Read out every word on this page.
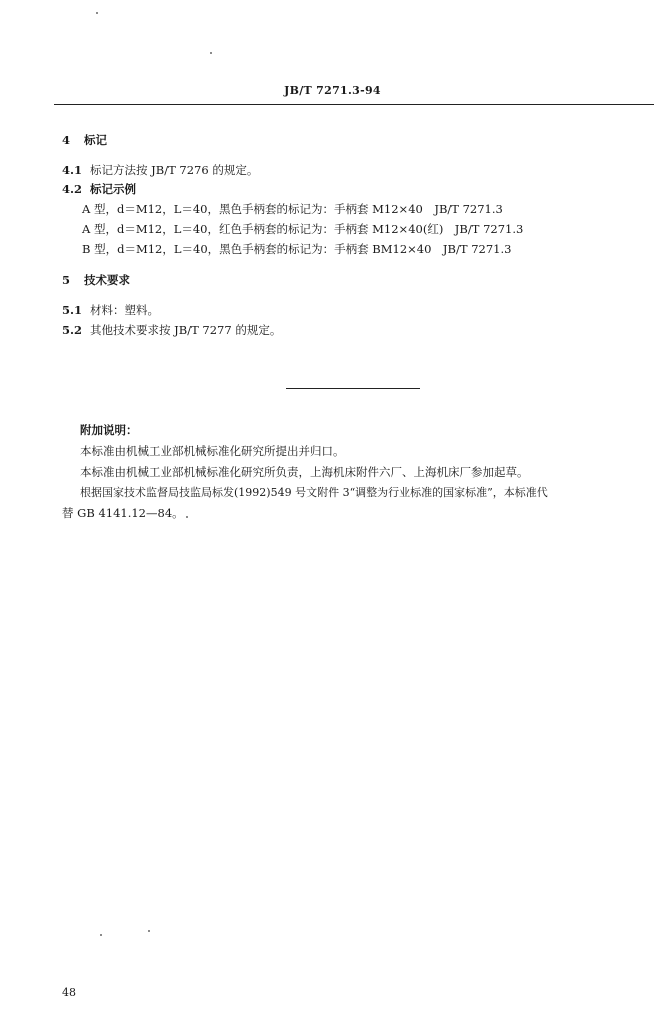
JB/T 7271.3-94
4 标记
4.1 标记方法按 JB/T 7276 的规定。
4.2 标记示例
A 型，d＝M12，L＝40，黑色手柄套的标记为：手柄套 M12×40　JB/T 7271.3
A 型，d＝M12，L＝40，红色手柄套的标记为：手柄套 M12×40(红)　JB/T 7271.3
B 型，d＝M12，L＝40，黑色手柄套的标记为：手柄套 BM12×40　JB/T 7271.3
5 技术要求
5.1 材料：塑料。
5.2 其他技术要求按 JB/T 7277 的规定。
附加说明：
本标准由机械工业部机械标准化研究所提出并归口。
本标准由机械工业部机械标准化研究所负责，上海机床附件六厂、上海机床厂参加起草。
根据国家技术监督局技监局标发(1992)549 号文附件 3“调整为行业标准的国家标准”，本标准代
替 GB 4141.12—84。
48
